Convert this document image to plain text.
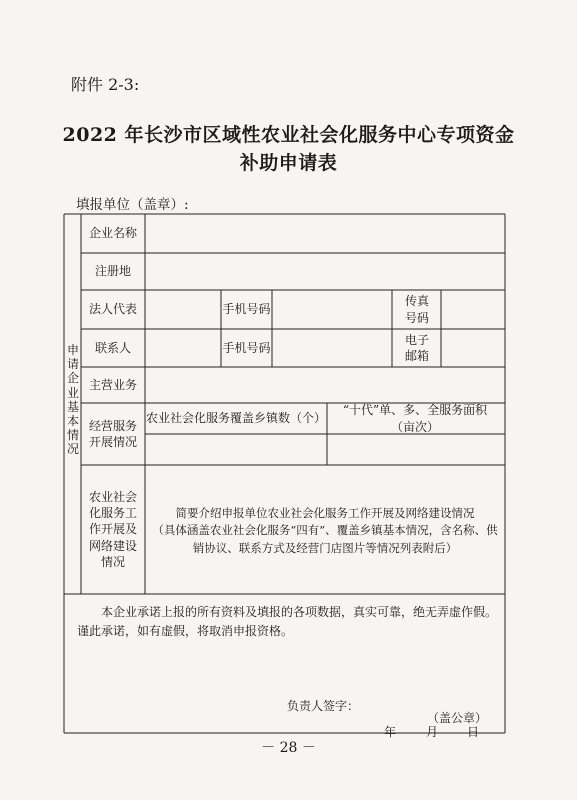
附件 2-3:
2022 年长沙市区域性农业社会化服务中心专项资金
补助申请表
填报单位（盖章）:
申请企业基本情况
企业名称
注册地
法人代表	手机号码
传真号码
联系人	手机号码
电子邮箱
主营业务
经营服务开展情况
农业社会化服务覆盖乡镇数（个）
“十代”单、多、全服务面积（亩次）
农业社会化服务工作开展及网络建设情况
简要介绍申报单位农业社会化服务工作开展及网络建设情况
（具体涵盖农业社会化服务“四有”、覆盖乡镇基本情况，含名称、供销协议、联系方式及经营门店图片等情况列表附后）
本企业承诺上报的所有资料及填报的各项数据，真实可靠，绝无弄虚作假。谨此承诺，如有虚假，将取消申报资格。
负责人签字：
（盖公章）
年 月 日
－ 28 －
